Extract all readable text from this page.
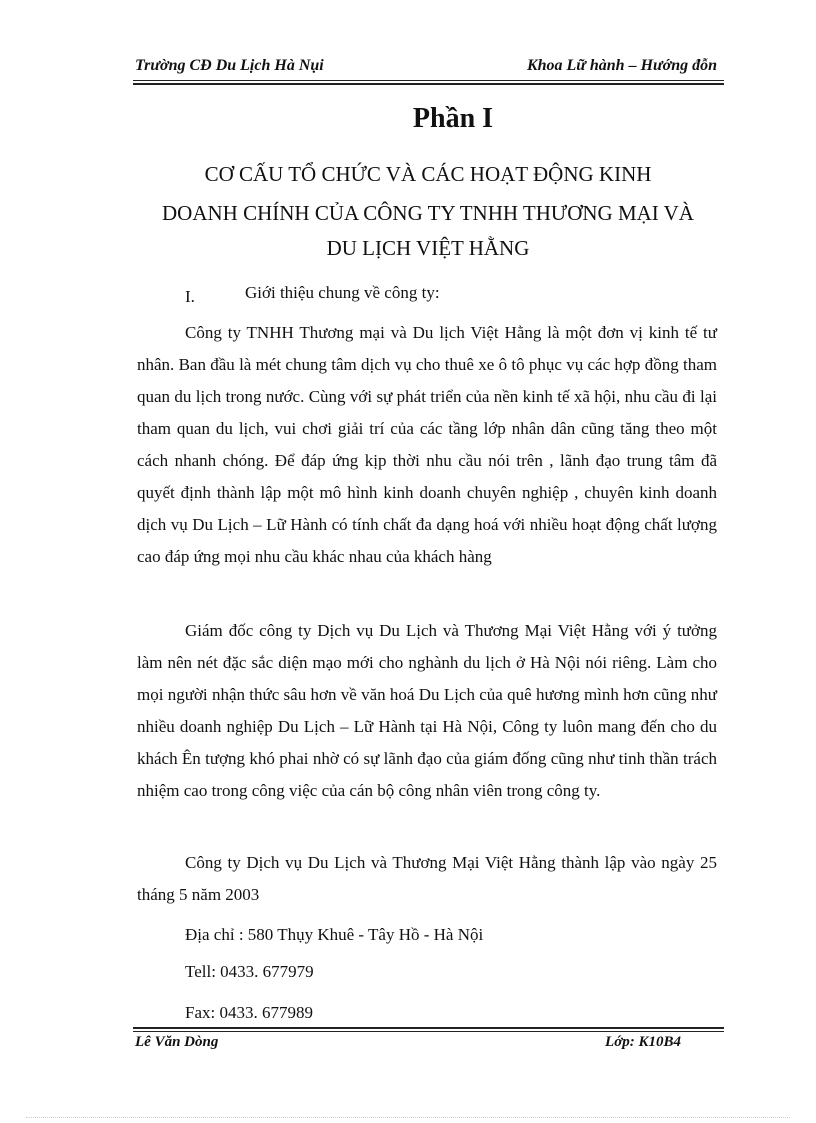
Trường CĐ Du Lịch Hà Nụi	Khoa Lữ hành – Hướng đỗn
Phần I
CƠ CẤU TỔ CHỨC VÀ CÁC HOẠT ĐỘNG KINH
DOANH CHÍNH CỦA CÔNG TY TNHH THƯƠNG MẠI VÀ
DU LỊCH VIỆT HẰNG
I.	Giới thiệu chung về công ty:
Công ty TNHH Thương mại và Du lịch Việt Hằng là một đơn vị kinh tế tư nhân. Ban đầu là mét chung tâm dịch vụ cho thuê xe ô tô phục vụ các hợp đồng tham quan du lịch trong nước. Cùng với sự phát triển của nền kinh tế xã hội, nhu cầu đi lại tham quan du lịch, vui chơi giải trí của các tầng lớp nhân dân cũng tăng theo một cách nhanh chóng. Để đáp ứng kịp thời nhu cầu nói trên , lãnh đạo trung tâm đã quyết định thành lập một mô hình kinh doanh chuyên nghiệp , chuyên kinh doanh dịch vụ Du Lịch – Lữ Hành có tính chất đa dạng hoá với nhiều hoạt động chất lượng cao đáp ứng mọi nhu cầu khác nhau của khách hàng
Giám đốc công ty Dịch vụ Du Lịch và Thương Mại Việt Hằng với ý tưởng làm nên nét đặc sắc diện mạo mới cho nghành du lịch ở Hà Nội nói riêng. Làm cho mọi người nhận thức sâu hơn về văn hoá Du Lịch của quê hương mình hơn cũng như nhiều doanh nghiệp Du Lịch – Lữ Hành tại Hà Nội, Công ty luôn mang đến cho du khách Ên tượng khó phai nhờ có sự lãnh đạo của giám đống cũng như tinh thần trách nhiệm cao trong công việc của cán bộ công nhân viên trong công ty.
Công ty Dịch vụ Du Lịch và Thương Mại Việt Hằng thành lập vào ngày 25 tháng 5 năm 2003
Địa chỉ : 580 Thụy Khuê - Tây Hồ - Hà Nội
Tell: 0433. 677979
Fax: 0433. 677989
Lê Văn Dòng	Lớp: K10B4
